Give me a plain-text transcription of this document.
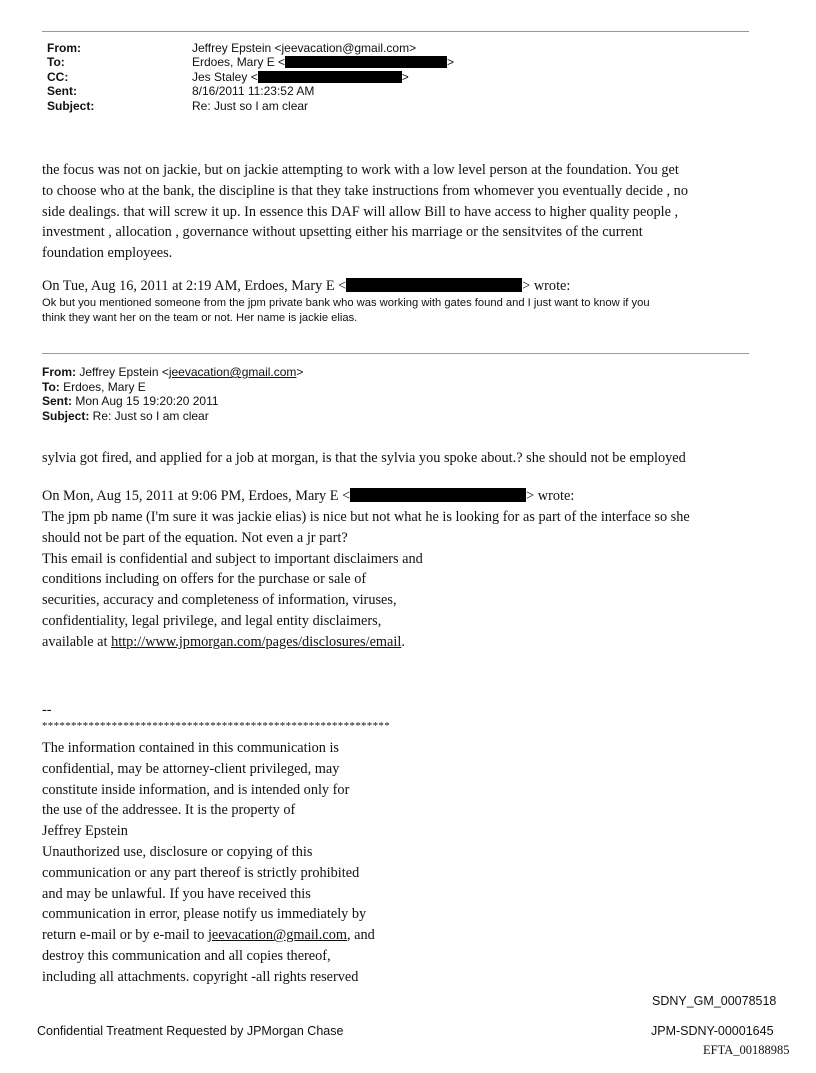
From:	Jeffrey Epstein <jeevacation@gmail.com>
To:	Erdoes, Mary E <	>
CC:	Jes Staley <	>
Sent:	8/16/2011 11:23:52 AM
Subject:	Re: Just so I am clear
the focus was not on jackie, but on jackie attempting to work with a low level person at the foundation. You get
to choose who at the bank, the discipline is that they take instructions from whomever you eventually decide , no
side dealings. that will screw it up. In essence this DAF will allow Bill to have access to higher quality people ,
investment , allocation , governance without upsetting either his marriage or the sensitvites of the current
foundation employees.
On Tue, Aug 16, 2011 at 2:19 AM, Erdoes, Mary E <	> wrote:
Ok but you mentioned someone from the jpm private bank who was working with gates found and I just want to know if you
think they want her on the team or not. Her name is jackie elias.
From: Jeffrey Epstein <jeevacation@gmail.com>
To: Erdoes, Mary E
Sent: Mon Aug 15 19:20:20 2011
Subject: Re: Just so I am clear
sylvia got fired, and applied for a job at morgan, is that the sylvia you spoke about.? she should not be employed
On Mon, Aug 15, 2011 at 9:06 PM, Erdoes, Mary E <	> wrote:
The jpm pb name (I'm sure it was jackie elias) is nice but not what he is looking for as part of the interface so she
should not be part of the equation. Not even a jr part?
This email is confidential and subject to important disclaimers and
conditions including on offers for the purchase or sale of
securities, accuracy and completeness of information, viruses,
confidentiality, legal privilege, and legal entity disclaimers,
available at http://www.jpmorgan.com/pages/disclosures/email.
--
************************************************************
The information contained in this communication is
confidential, may be attorney-client privileged, may
constitute inside information, and is intended only for
the use of the addressee. It is the property of
Jeffrey Epstein
Unauthorized use, disclosure or copying of this
communication or any part thereof is strictly prohibited
and may be unlawful. If you have received this
communication in error, please notify us immediately by
return e-mail or by e-mail to jeevacation@gmail.com, and
destroy this communication and all copies thereof,
including all attachments. copyright -all rights reserved
SDNY_GM_00078518
Confidential Treatment Requested by JPMorgan Chase	JPM-SDNY-00001645
EFTA_00188985
